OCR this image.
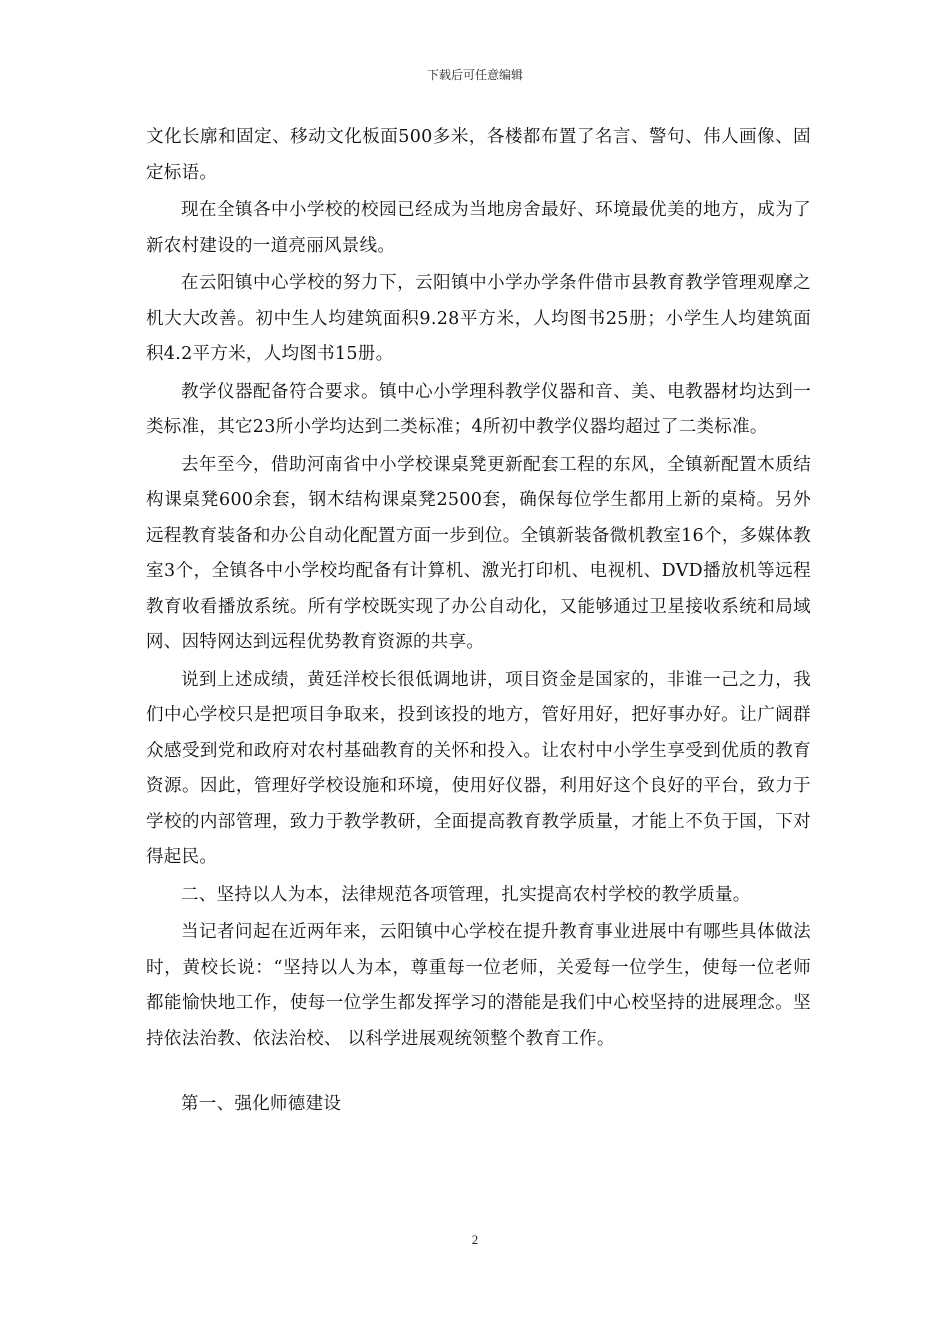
下载后可任意编辑

文化长廓和固定、移动文化板面500多米，各楼都布置了名言、警句、伟人画像、固定标语。

现在全镇各中小学校的校园已经成为当地房舍最好、环境最优美的地方，成为了新农村建设的一道亮丽风景线。

在云阳镇中心学校的努力下，云阳镇中小学办学条件借市县教育教学管理观摩之机大大改善。初中生人均建筑面积9.28平方米，人均图书25册；小学生人均建筑面积4.2平方米，人均图书15册。

教学仪器配备符合要求。镇中心小学理科教学仪器和音、美、电教器材均达到一类标准，其它23所小学均达到二类标准；4所初中教学仪器均超过了二类标准。

去年至今，借助河南省中小学校课桌凳更新配套工程的东风，全镇新配置木质结构课桌凳600余套，钢木结构课桌凳2500套，确保每位学生都用上新的桌椅。另外远程教育装备和办公自动化配置方面一步到位。全镇新装备微机教室16个，多媒体教室3个，全镇各中小学校均配备有计算机、激光打印机、电视机、DVD播放机等远程教育收看播放系统。所有学校既实现了办公自动化，又能够通过卫星接收系统和局域网、因特网达到远程优势教育资源的共享。

说到上述成绩，黄廷洋校长很低调地讲，项目资金是国家的，非谁一己之力，我们中心学校只是把项目争取来，投到该投的地方，管好用好，把好事办好。让广阔群众感受到党和政府对农村基础教育的关怀和投入。让农村中小学生享受到优质的教育资源。因此，管理好学校设施和环境，使用好仪器，利用好这个良好的平台，致力于学校的内部管理，致力于教学教研，全面提高教育教学质量，才能上不负于国，下对得起民。

二、坚持以人为本，法律规范各项管理，扎实提高农村学校的教学质量。

当记者问起在近两年来，云阳镇中心学校在提升教育事业进展中有哪些具体做法时，黄校长说：“坚持以人为本，尊重每一位老师，关爱每一位学生，使每一位老师都能愉快地工作，使每一位学生都发挥学习的潜能是我们中心校坚持的进展理念。坚持依法治教、依法治校、 以科学进展观统领整个教育工作。

第一、强化师德建设

2
